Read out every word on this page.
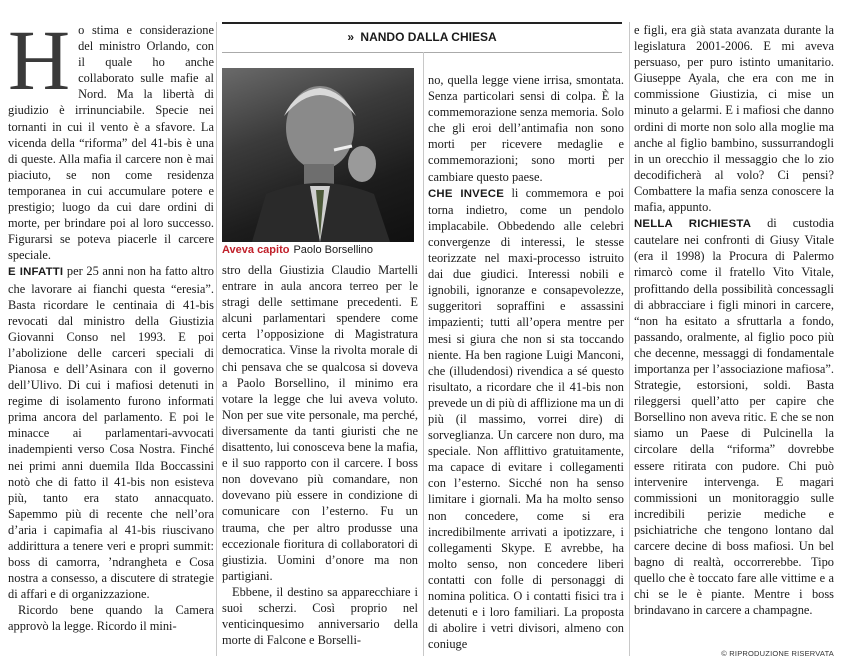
H o stima e considerazione del ministro Orlando, con il quale ho anche collaborato sulle mafie al Nord. Ma la libertà di giudizio è irrinunciabile. Specie nei tornanti in cui il vento è a sfavore. La vicenda della “riforma” del 41-bis è una di queste. Alla mafia il carcere non è mai piaciuto, se non come residenza temporanea in cui accumulare potere e prestigio; luogo da cui dare ordini di morte, per brindare poi al loro successo. Figurarsi se poteva piacerle il carcere speciale.

E INFATTI per 25 anni non ha fatto altro che lavorare ai fianchi questa “eresia”. Basta ricordare le centinaia di 41-bis revocati dal ministro della Giustizia Giovanni Conso nel 1993. E poi l’abolizione delle carceri speciali di Pianosa e dell’Asinara con il governo dell’Ulivo. Di cui i mafiosi detenuti in regime di isolamento furono informati prima ancora del parlamento. E poi le minacce ai parlamentari-avvocati inadempienti verso Cosa Nostra. Finché nei primi anni duemila Ilda Boccassini notò che di fatto il 41-bis non esisteva più, tanto era stato annacquato. Sapemmo più di recente che nell’ora d’aria i capimafia al 41-bis riuscivano addirittura a tenere veri e propri summit: boss di camorra, ’ndrangheta e Cosa nostra a consesso, a discutere di strategie di affari e di organizzazione.

Ricordo bene quando la Camera approvò la legge. Ricordo il mini-

» NANDO DALLA CHIESA
Aveva capito Paolo Borsellino

stro della Giustizia Claudio Martelli entrare in aula ancora terreo per le stragi delle settimane precedenti. E alcuni parlamentari spendere come certa l’opposizione di Magistratura democratica. Vinse la rivolta morale di chi pensava che se qualcosa si doveva a Paolo Borsellino, il minimo era votare la legge che lui aveva voluto. Non per sue vite personale, ma perché, diversamente da tanti giuristi che ne disattento, lui conosceva bene la mafia, e il suo rapporto con il carcere. I boss non dovevano più comandare, non dovevano più essere in condizione di comunicare con l’esterno. Fu un trauma, che per altro produsse una eccezionale fioritura di collaboratori di giustizia. Uomini d’onore ma non partigiani.

Ebbene, il destino sa apparecchiare i suoi scherzi. Così proprio nel venticinquesimo anniversario della morte di Falcone e Borselli-

no, quella legge viene irrisa, smontata. Senza particolari sensi di colpa. È la commemorazione senza memoria. Solo che gli eroi dell’antimafia non sono morti per ricevere medaglie e commemorazioni; sono morti per cambiare questo paese.

CHE INVECE li commemora e poi torna indietro, come un pendolo implacabile. Obbedendo alle celebri convergenze di interessi, le stesse teorizzate nel maxi-processo istruito dai due giudici. Interessi nobili e ignobili, ignoranze e consapevolezze, suggeritori sopraffini e assassini impazienti; tutti all’opera mentre per mesi si giura che non si sta toccando niente. Ha ben ragione Luigi Manconi, che (illudendosi) rivendica a sé questo risultato, a ricordare che il 41-bis non prevede un di più di afflizione ma un di più (il massimo, vorrei dire) di sorveglianza. Un carcere non duro, ma speciale. Non afflittivo gratuitamente, ma capace di evitare i collegamenti con l’esterno. Sicché non ha senso limitare i giornali. Ma ha molto senso non concedere, come si era incredibilmente arrivati a ipotizzare, i collegamenti Skype. E avrebbe, ha molto senso, non concedere liberi contatti con folle di personaggi di nomina politica. O i contatti fisici tra i detenuti e i loro familiari. La proposta di abolire i vetri divisori, almeno con coniuge

e figli, era già stata avanzata durante la legislatura 2001-2006. E mi aveva persuaso, per puro istinto umanitario. Giuseppe Ayala, che era con me in commissione Giustizia, ci mise un minuto a gelarmi. E i mafiosi che danno ordini di morte non solo alla moglie ma anche al figlio bambino, sussurrandogli in un orecchio il messaggio che lo zio decodificherà al volo? Ci pensi? Combattere la mafia senza conoscere la mafia, appunto.

NELLA RICHIESTA di custodia cautelare nei confronti di Giusy Vitale (era il 1998) la Procura di Palermo rimarcò come il fratello Vito Vitale, profittando della possibilità concessagli di abbracciare i figli minori in carcere, “non ha esitato a sfruttarla a fondo, passando, oralmente, al figlio poco più che decenne, messaggi di fondamentale importanza per l’associazione mafiosa”. Strategie, estorsioni, soldi. Basta rileggersi quell’atto per capire che Borsellino non aveva ritic. E che se non siamo un Paese di Pulcinella la circolare della “riforma” dovrebbe essere ritirata con pudore. Chi può intervenire intervenga. E magari commissioni un monitoraggio sulle incredibili perizie mediche e psichiatriche che tengono lontano dal carcere decine di boss mafiosi. Un bel bagno di realtà, occorrerebbe. Tipo quello che è toccato fare alle vittime e a chi se le è piante. Mentre i boss brindavano in carcere a champagne.

© RIPRODUZIONE RISERVATA
